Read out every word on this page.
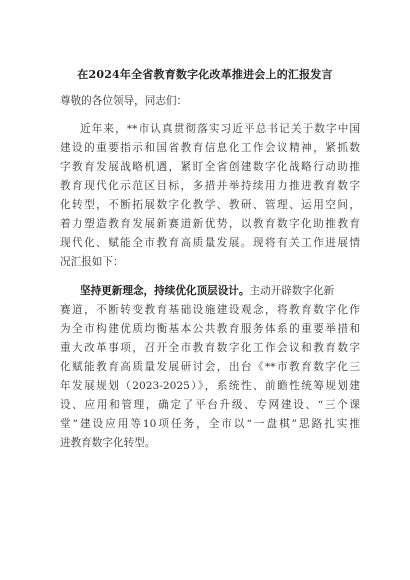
在2024年全省教育数字化改革推进会上的汇报发言
尊敬的各位领导，同志们：
近年来，**市认真贯彻落实习近平总书记关于数字中国
建设的重要指示和国省教育信息化工作会议精神，紧抓数
字教育发展战略机遇，紧盯全省创建数字化战略行动助推
教育现代化示范区目标，多措并举持续用力推进教育数字
化转型，不断拓展数字化教学、教研、管理、运用空间，
着力塑造教育发展新赛道新优势，以教育数字化助推教育
现代化、赋能全市教育高质量发展。现将有关工作进展情
况汇报如下：
坚持更新理念，持续优化顶层设计。主动开辟数字化新
赛道，不断转变教育基础设施建设观念，将教育数字化作
为全市构建优质均衡基本公共教育服务体系的重要举措和
重大改革事项，召开全市教育数字化工作会议和教育数字
化赋能教育高质量发展研讨会，出台《**市教育数字化三
年发展规划（2023-2025）》，系统性、前瞻性统筹规划建
设、应用和管理，确定了平台升级、专网建设、“三个课
堂”建设应用等10项任务，全市以“一盘棋”思路扎实推
进教育数字化转型。
